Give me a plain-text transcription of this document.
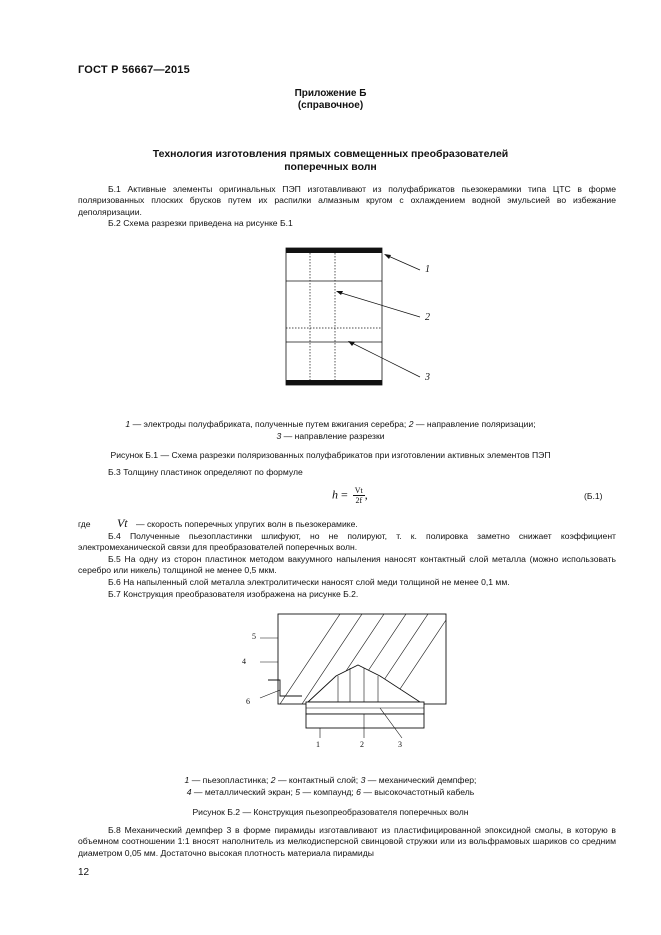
ГОСТ Р 56667—2015
Приложение Б
(справочное)
Технология изготовления прямых совмещенных преобразователей
поперечных волн
Б.1 Активные элементы оригинальных ПЭП изготавливают из полуфабрикатов пьезокерамики типа ЦТС в форме поляризованных плоских брусков путем их распилки алмазным кругом с охлаждением водной эмульсией во избежание деполяризации.
Б.2 Схема разрезки приведена на рисунке Б.1
1
2
3
1 — электроды полуфабриката, полученные путем вжигания серебра; 2 — направление поляризации;
3 — направление разрезки
Рисунок Б.1 — Схема разрезки поляризованных полуфабрикатов при изготовлении активных элементов ПЭП
Б.3 Толщину пластинок определяют по формуле
$h = \frac{Vt}{2f}$ ,	(Б.1)
где Vt — скорость поперечных упругих волн в пьезокерамике.
Б.4 Полученные пьезопластинки шлифуют, но не полируют, т. к. полировка заметно снижает коэффициент электромеханической связи для преобразователей поперечных волн.
Б.5 На одну из сторон пластинок методом вакуумного напыления наносят контактный слой металла (можно использовать серебро или никель) толщиной не менее 0,5 мкм.
Б.6 На напыленный слой металла электролитически наносят слой меди толщиной не менее 0,1 мм.
Б.7 Конструкция преобразователя изображена на рисунке Б.2.
5
4
6
1	2	3
1 — пьезопластинка; 2 — контактный слой; 3 — механический демпфер;
4 — металлический экран; 5 — компаунд; 6 — высокочастотный кабель
Рисунок Б.2 — Конструкция пьезопреобразователя поперечных волн
Б.8 Механический демпфер 3 в форме пирамиды изготавливают из пластифицированной эпоксидной смолы, в которую в объемном соотношении 1:1 вносят наполнитель из мелкодисперсной свинцовой стружки или из вольфрамовых шариков со средним диаметром 0,05 мм. Достаточно высокая плотность материала пирамиды
12
